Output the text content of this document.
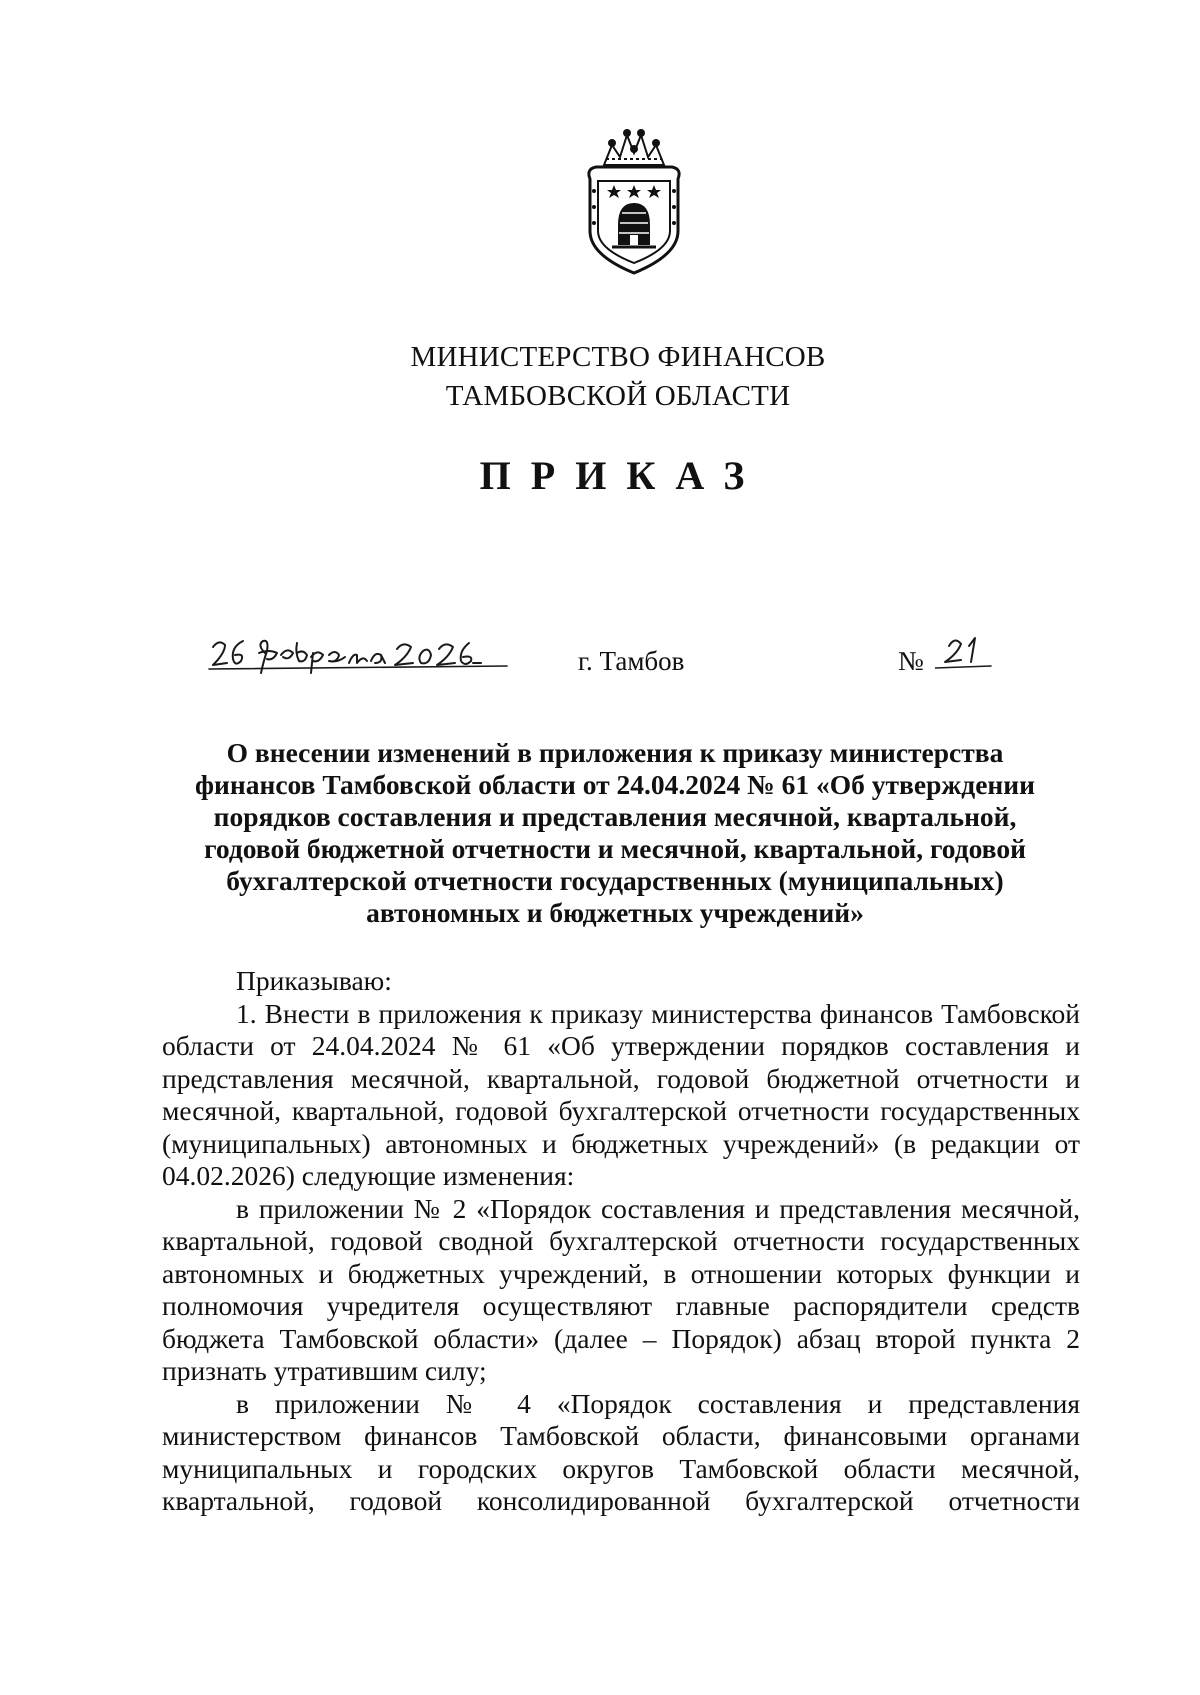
МИНИСТЕРСТВО ФИНАНСОВ
ТАМБОВСКОЙ ОБЛАСТИ
ПРИКАЗ
г. Тамбов	№
О внесении изменений в приложения к приказу министерства
финансов Тамбовской области от 24.04.2024 № 61 «Об утверждении
порядков составления и представления месячной, квартальной,
годовой бюджетной отчетности и месячной, квартальной, годовой
бухгалтерской отчетности государственных (муниципальных)
автономных и бюджетных учреждений»

Приказываю:

1. Внести в приложения к приказу министерства финансов Тамбовской области от 24.04.2024 № 61 «Об утверждении порядков составления и представления месячной, квартальной, годовой бюджетной отчетности и месячной, квартальной, годовой бухгалтерской отчетности государственных (муниципальных) автономных и бюджетных учреждений» (в редакции от 04.02.2026) следующие изменения:

в приложении № 2 «Порядок составления и представления месячной, квартальной, годовой сводной бухгалтерской отчетности государственных автономных и бюджетных учреждений, в отношении которых функции и полномочия учредителя осуществляют главные распорядители средств бюджета Тамбовской области» (далее – Порядок) абзац второй пункта 2 признать утратившим силу;

в приложении № 4 «Порядок составления и представления министерством финансов Тамбовской области, финансовыми органами муниципальных и городских округов Тамбовской области месячной, квартальной, годовой консолидированной бухгалтерской отчетности
